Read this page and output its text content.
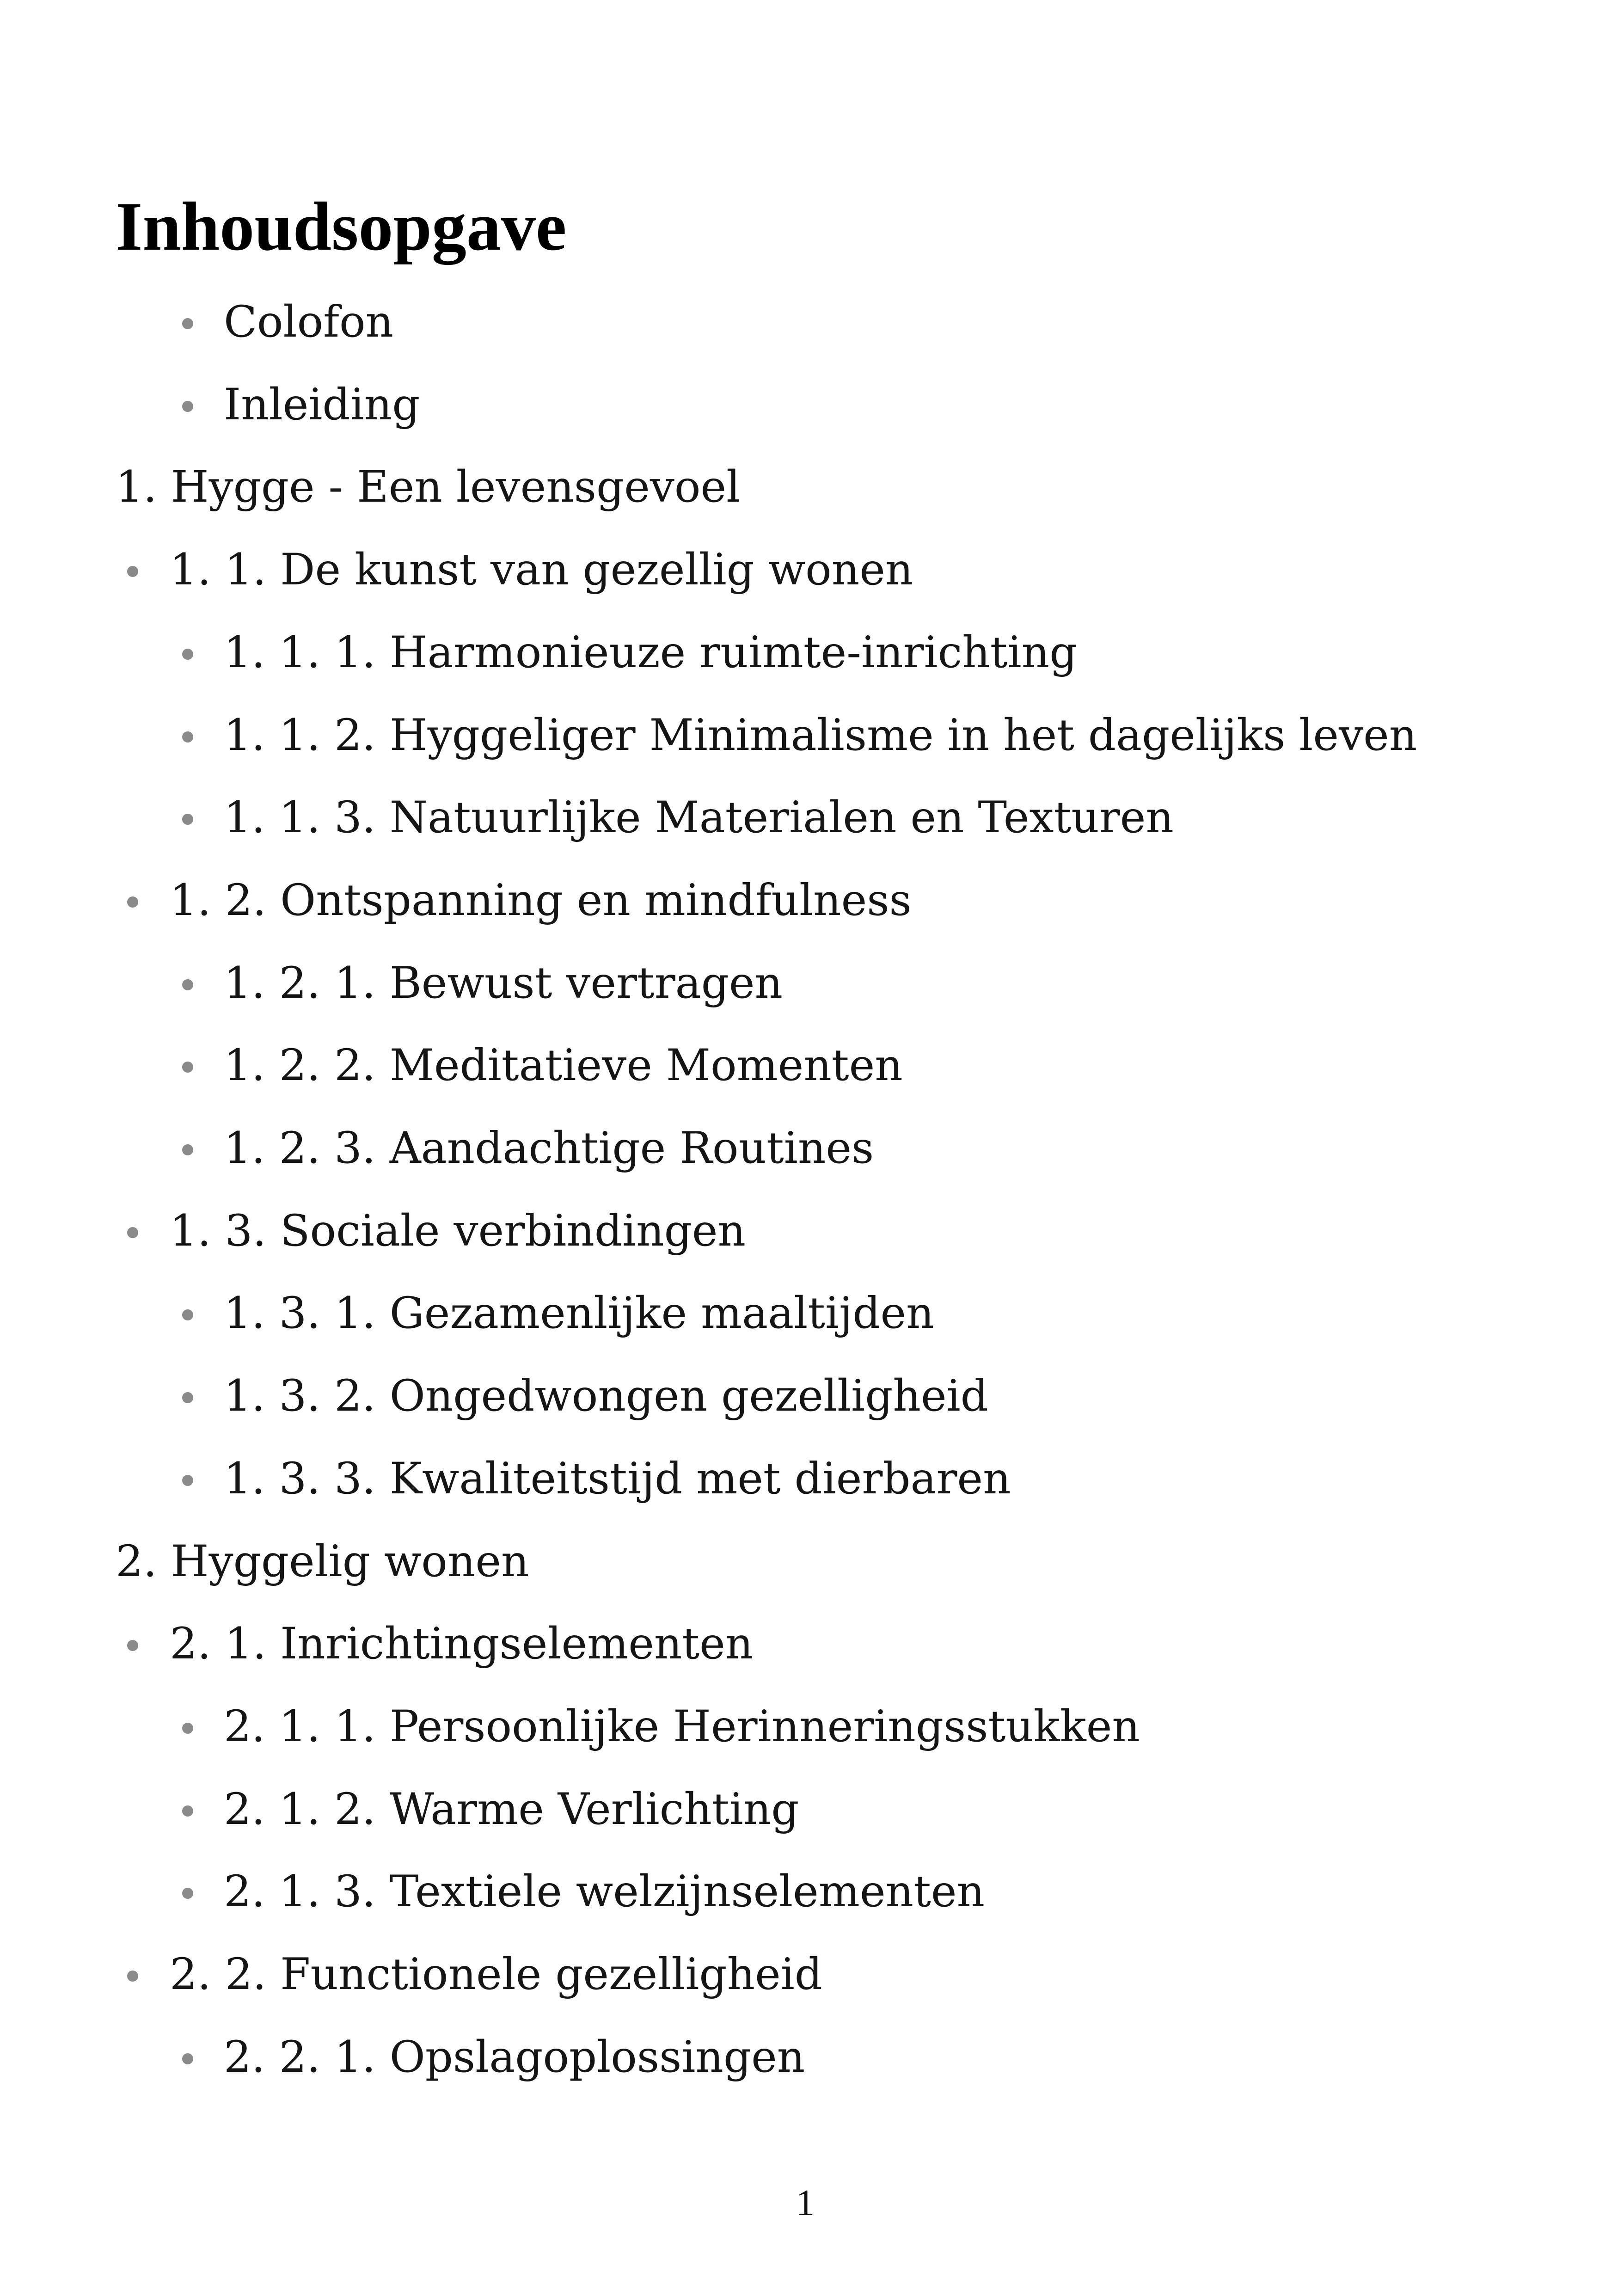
Inhoudsopgave
Colofon
Inleiding
1. Hygge - Een levensgevoel
1. 1. De kunst van gezellig wonen
1. 1. 1. Harmonieuze ruimte-inrichting
1. 1. 2. Hyggeliger Minimalisme in het dagelijks leven
1. 1. 3. Natuurlijke Materialen en Texturen
1. 2. Ontspanning en mindfulness
1. 2. 1. Bewust vertragen
1. 2. 2. Meditatieve Momenten
1. 2. 3. Aandachtige Routines
1. 3. Sociale verbindingen
1. 3. 1. Gezamenlijke maaltijden
1. 3. 2. Ongedwongen gezelligheid
1. 3. 3. Kwaliteitstijd met dierbaren
2. Hyggelig wonen
2. 1. Inrichtingselementen
2. 1. 1. Persoonlijke Herinneringsstukken
2. 1. 2. Warme Verlichting
2. 1. 3. Textiele welzijnselementen
2. 2. Functionele gezelligheid
2. 2. 1. Opslagoplossingen
1
